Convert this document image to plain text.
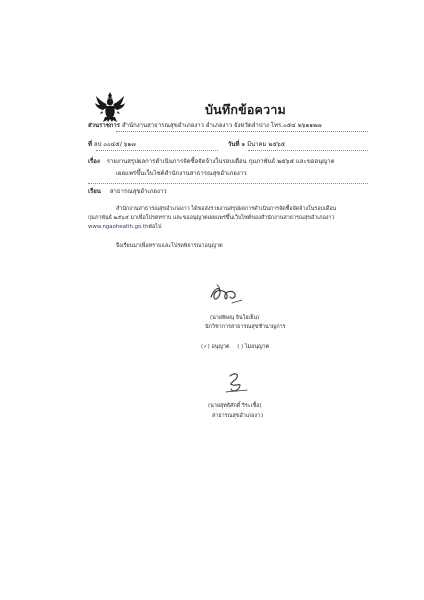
บันทึกข้อความ
ส่วนราชการ สำนักงานสาธารณสุขอำเภองาว อำเภองาว จังหวัดลำปาง โทร.๐๕๔ ๒๖๑๑๒๗
ที่ ลป ๐๐๔๕/ ๖๑๗	วันที่ ๑ มีนาคม ๒๕๖๕
เรื่อง รายงานสรุปผลการดำเนินการจัดซื้อจัดจ้างในรอบเดือน กุมภาพันธ์ ๒๕๖๕ และขออนุญาต
เผยแพร่ขึ้นเว็บไซต์สำนักงานสาธารณสุขอำเภองาว
เรียน สาธารณสุขอำเภองาว
สำนักงานสาธารณสุขอำเภองาว ได้ขอส่งรายงานสรุปผลการดำเนินการจัดซื้อจัดจ้างในรอบเดือน
กุมภาพันธ์ ๒๕๖๕ มาเพื่อโปรดทราบ และขออนุญาตเผยแพร่ขึ้นเว็บไซต์ของสำนักงานสาธารณสุขอำเภองาว
www.ngaohealth.go.thต่อไป
จึงเรียนมาเพื่อทราบและโปรดพิจารณาอนุญาต
(นายพิษณุ จินใจเย็น)
นักวิชาการสาธารณสุขชำนาญการ
(✓) อนุญาต ( ) ไม่อนุญาต
(นายสุทธิศักดิ์ ริระเชื้อ)
สาธารณสุขอำเภองาว
